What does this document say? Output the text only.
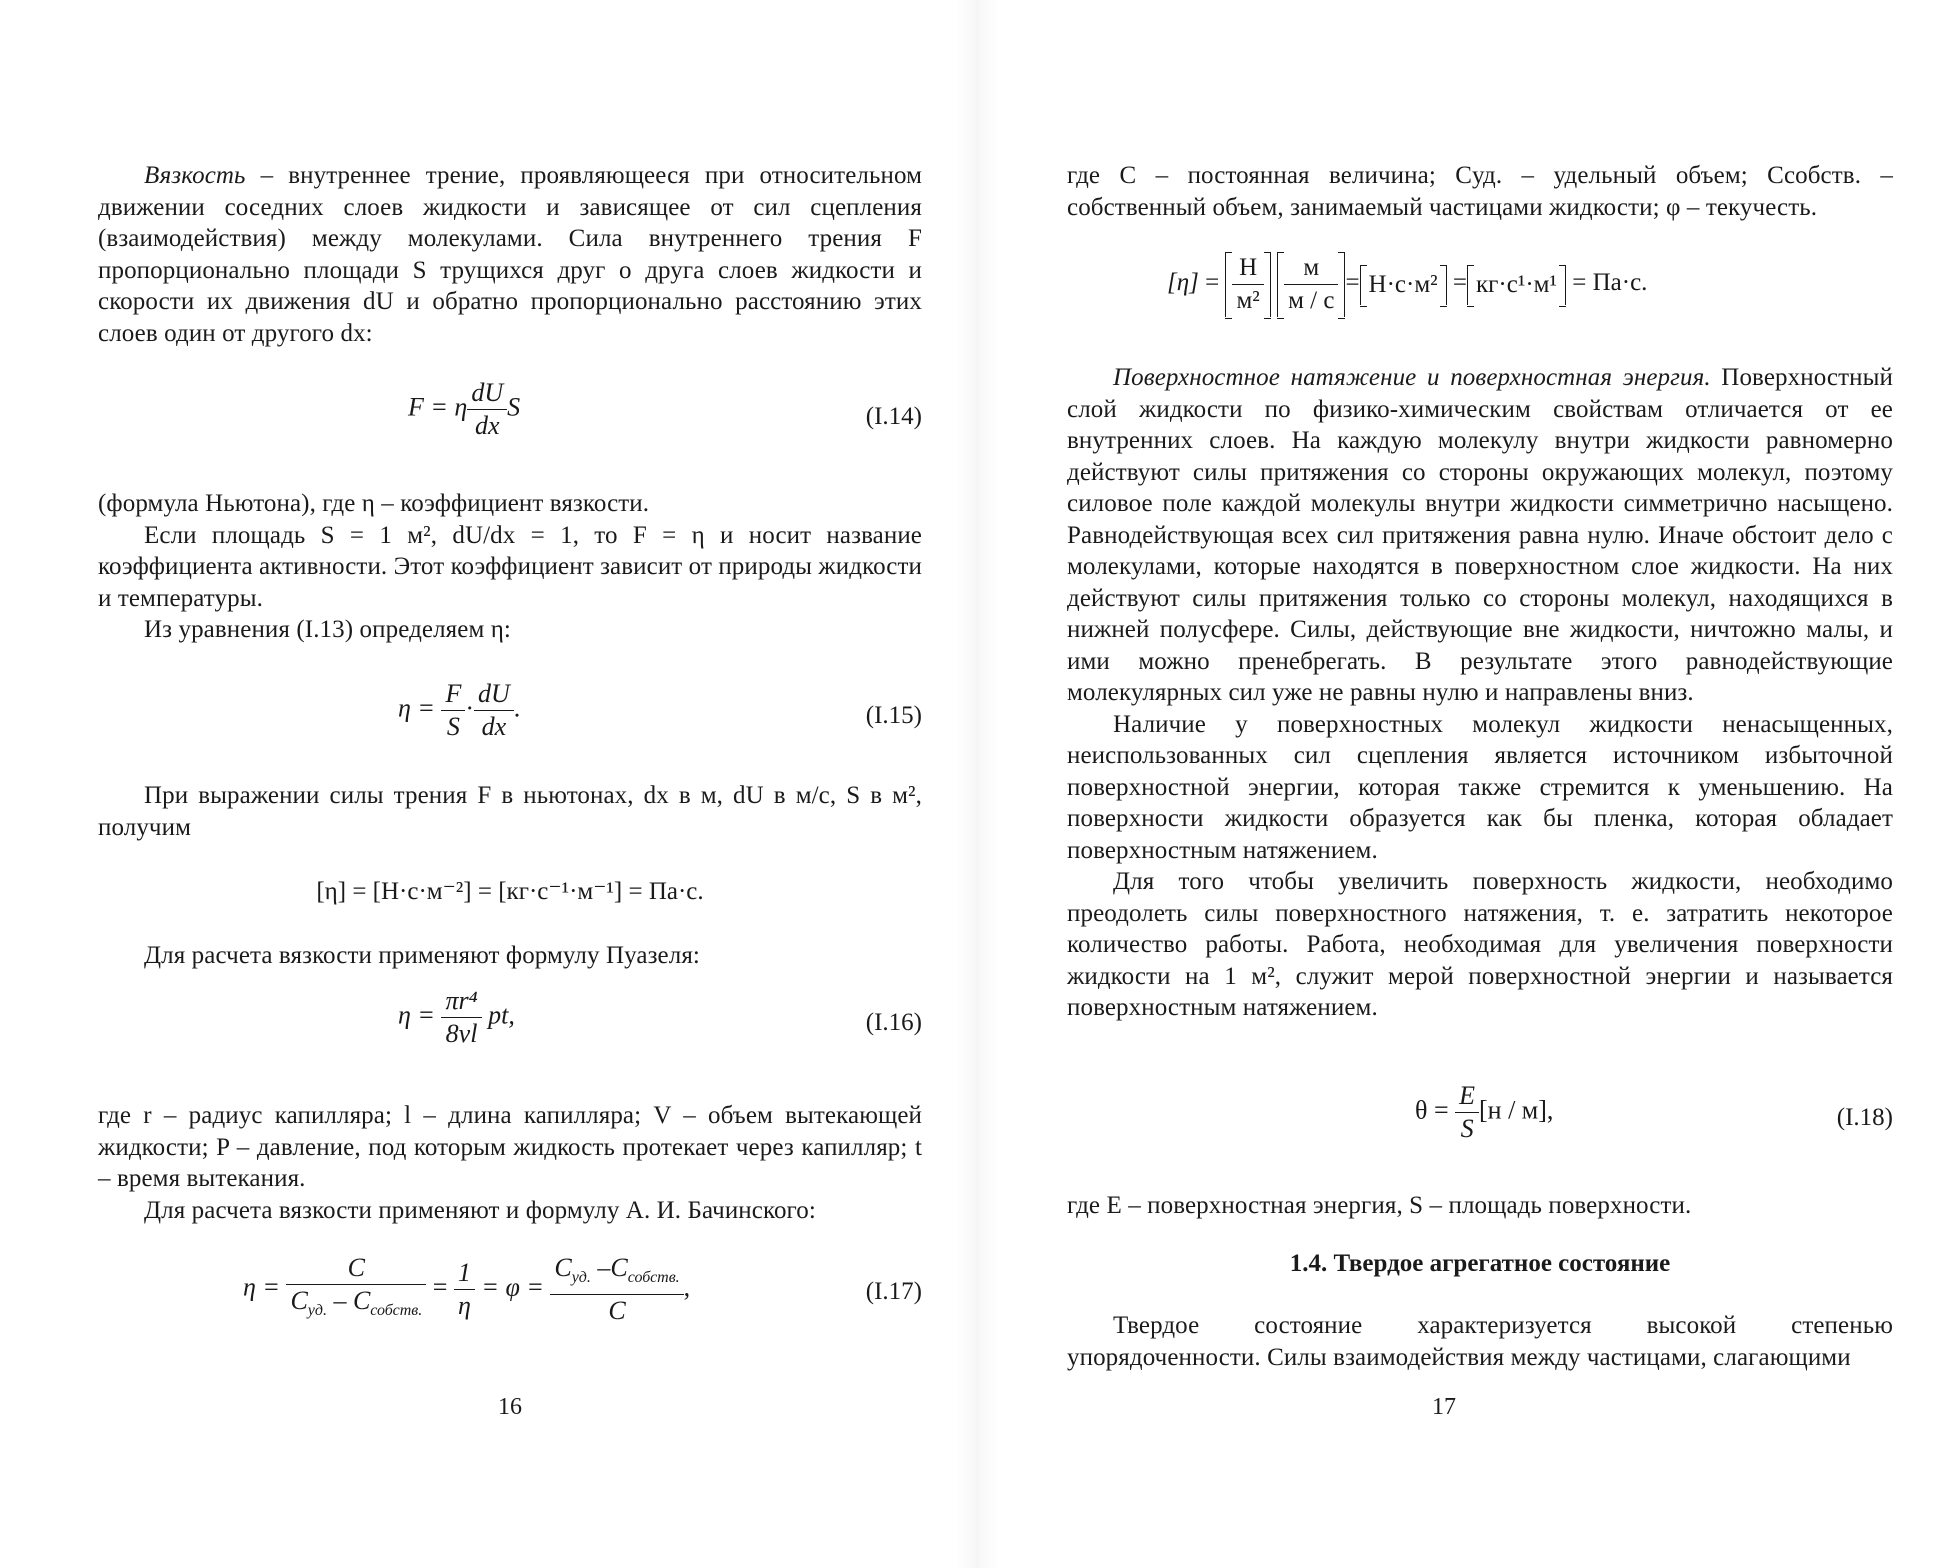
Вязкость – внутреннее трение, проявляющееся при относительном движении соседних слоев жидкости и зависящее от сил сцепления (взаимодействия) между молекулами. Сила внутреннего трения F пропорционально площади S трущихся друг о друга слоев жидкости и скорости их движения dU и обратно пропорционально расстоянию этих слоев один от другого dx:

F = η $\frac{dU}{dx}$ S	(I.14)

(формула Ньютона), где η – коэффициент вязкости.

Если площадь S = 1 м², dU/dx = 1, то F = η и носит название коэффициента активности. Этот коэффициент зависит от природы жидкости и температуры.

Из уравнения (I.13) определяем η:

$\eta = \frac{F}{S} \cdot \frac{dU}{dx}$ .	(I.15)

При выражении силы трения F в ньютонах, dx в м, dU в м/с, S в м², получим

[η] = [Н·с·м⁻²] = [кг·с⁻¹·м⁻¹] = Па·с.

Для расчета вязкости применяют формулу Пуазеля:

$\eta = \frac{\text{πr⁴}}{8vl}$ pt,	(I.16)

где r – радиус капилляра; l – длина капилляра; V – объем вытекающей жидкости; P – давление, под которым жидкость протекает через капилляр; t – время вытекания.

Для расчета вязкости применяют и формулу А. И. Бачинского:

$\eta = \frac{C}{C_{уд.} - C_{собств.}} = \frac{1}{\eta} = \varphi = \frac{C_{уд.} -C_{собств.}}{C}$ ,	(I.17)
16

где C – постоянная величина; Cуд. – удельный объем; Cсобств. – собственный объем, занимаемый частицами жидкости; φ – текучесть.

$[\eta] = \frac{Н}{\text{м²}}$
$\frac{м}{м / с} = Н\cdot с\cdot м^2 = кг\cdot с^1\cdot м^1 = Па\cdot с$.

Поверхностное натяжение и поверхностная энергия. Поверхностный слой жидкости по физико-химическим свойствам отличается от ее внутренних слоев. На каждую молекулу внутри жидкости равномерно действуют силы притяжения со стороны окружающих молекул, поэтому силовое поле каждой молекулы внутри жидкости симметрично насыщено. Равнодействующая всех сил притяжения равна нулю. Иначе обстоит дело с молекулами, которые находятся в поверхностном слое жидкости. На них действуют силы притяжения только со стороны молекул, находящихся в нижней полусфере. Силы, действующие вне жидкости, ничтожно малы, и ими можно пренебрегать. В результате этого равнодействующие молекулярных сил уже не равны нулю и направлены вниз.

Наличие у поверхностных молекул жидкости ненасыщенных, неиспользованных сил сцепления является источником избыточной поверхностной энергии, которая также стремится к уменьшению. На поверхности жидкости образуется как бы пленка, которая обладает поверхностным натяжением.

Для того чтобы увеличить поверхность жидкости, необходимо преодолеть силы поверхностного натяжения, т. е. затратить некоторое количество работы. Работа, необходимая для увеличения поверхности жидкости на 1 м², служит мерой поверхностной энергии и называется поверхностным натяжением.

$\theta = \frac{E}{S} [н / м]$,	(I.18)

где E – поверхностная энергия, S – площадь поверхности.

1.4. Твердое агрегатное состояние

Твердое состояние характеризуется высокой степенью упорядоченности. Силы взаимодействия между частицами, слагающими

17
